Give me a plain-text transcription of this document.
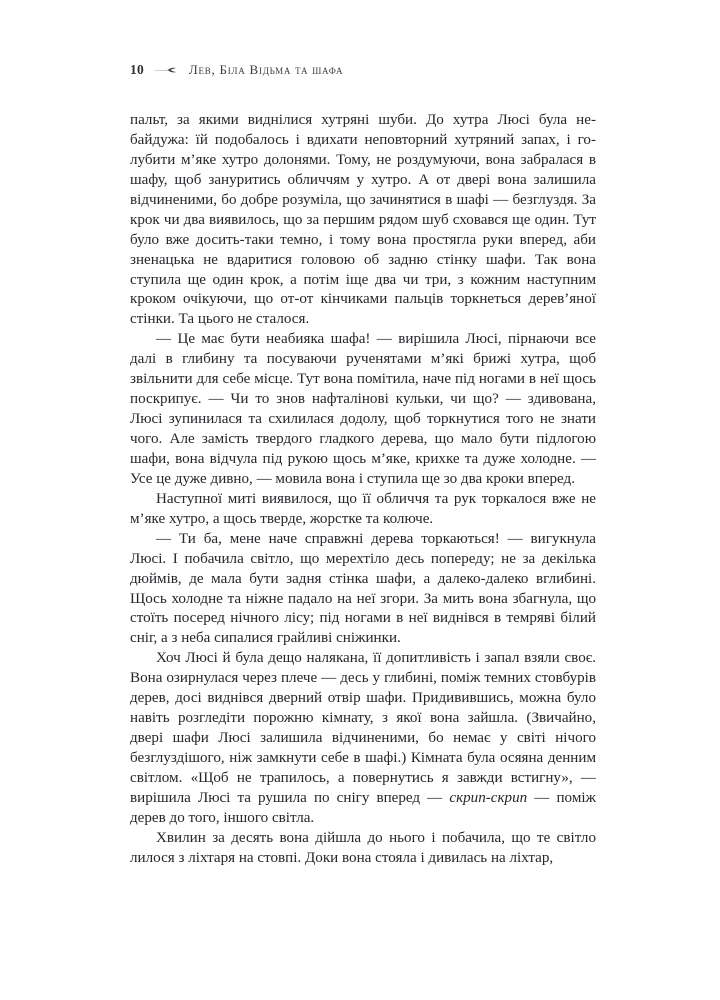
10	Лев, Біла Відьма та шафа

пальт, за якими виднілися хутряні шуби. До хутра Люсі була небайдужа: їй подобалось і вдихати неповторний хутряний запах, і голубити м’яке хутро долонями. Тому, не роздумуючи, вона забралася в шафу, щоб зануритись обличчям у хутро. А от двері вона залишила відчиненими, бо добре розуміла, що зачинятися в шафі — безглуздя. За крок чи два виявилось, що за першим рядом шуб сховався ще один. Тут було вже досить-таки темно, і тому вона простягла руки вперед, аби зненацька не вдаритися головою об задню стінку шафи. Так вона ступила ще один крок, а потім іще два чи три, з кожним наступним кроком очікуючи, що от-от кінчиками пальців торкнеться дерев’яної стінки. Та цього не сталося.

— Це має бути неабияка шафа! — вирішила Люсі, пірнаючи все далі в глибину та посуваючи рученятами м’які брижі хутра, щоб звільнити для себе місце. Тут вона помітила, наче під ногами в неї щось поскрипує. — Чи то знов нафталінові кульки, чи що? — здивована, Люсі зупинилася та схилилася додолу, щоб торкнутися того не знати чого. Але замість твердого гладкого дерева, що мало бути підлогою шафи, вона відчула під рукою щось м’яке, крихке та дуже холодне. — Усе це дуже дивно, — мовила вона і ступила ще зо два кроки вперед.

Наступної миті виявилося, що її обличчя та рук торкалося вже не м’яке хутро, а щось тверде, жорстке та колюче.

— Ти ба, мене наче справжні дерева торкаються! — вигукнула Люсі. І побачила світло, що мерехтіло десь попереду; не за декілька дюймів, де мала бути задня стінка шафи, а далеко-далеко вглибині. Щось холодне та ніжне падало на неї згори. За мить вона збагнула, що стоїть посеред нічного лісу; під ногами в неї виднівся в темряві білий сніг, а з неба сипалися грайливі сніжинки.

Хоч Люсі й була дещо налякана, її допитливість і запал взяли своє. Вона озирнулася через плече — десь у глибині, поміж темних стовбурів дерев, досі виднівся дверний отвір шафи. Придивившись, можна було навіть розгледіти порожню кімнату, з якої вона зайшла. (Звичайно, двері шафи Люсі залишила відчиненими, бо немає у світі нічого безглуздішого, ніж замкнути себе в шафі.) Кімната була осяяна денним світлом. «Щоб не трапилось, а повернутись я завжди встигну», — вирішила Люсі та рушила по снігу вперед — скрип-скрип — поміж дерев до того, іншого світла.

Хвилин за десять вона дійшла до нього і побачила, що те світло лилося з ліхтаря на стовпі. Доки вона стояла і дивилась на ліхтар,
